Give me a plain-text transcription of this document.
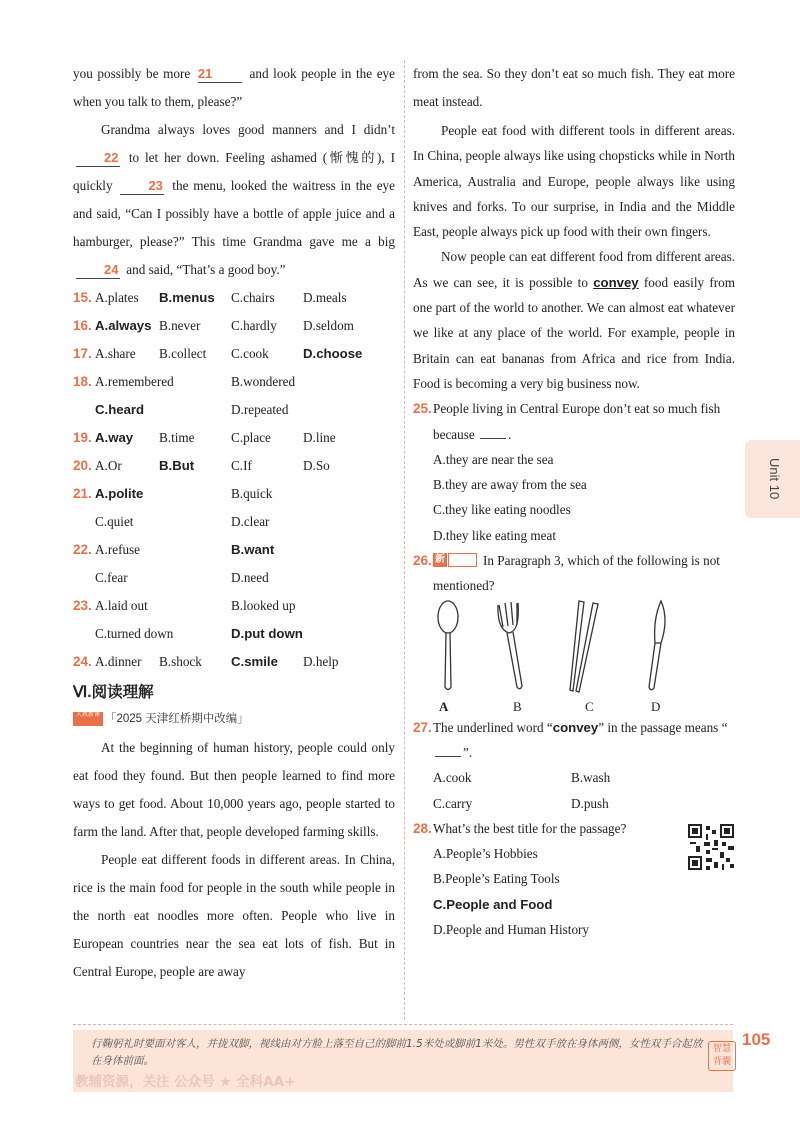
you possibly be more 21 and look people in the eye when you talk to them, please?”

Grandma always loves good manners and I didn’t 22 to let her down. Feeling ashamed (惭愧的), I quickly 23 the menu, looked the waitress in the eye and said, “Can I possibly have a bottle of apple juice and a hamburger, please?” This time Grandma gave me a big 24 and said, “That’s a good boy.”

15. A.plates B.menus C.chairs D.meals
16. A.always B.never C.hardly D.seldom
17. A.share B.collect C.cook	D.choose
18. A.remembered	B.wondered
C.heard	D.repeated
19. A.way B.time	C.place D.line
20. A.Or	B.But	C.If	D.So
21. A.polite	B.quick
C.quiet	D.clear
22. A.refuse	B.want
C.fear	D.need
23. A.laid out	B.looked up
C.turned down	D.put down
24. A.dinner B.shock C.smile D.help
Ⅵ.阅读理解
人教新课 「2025 天津红桥期中改编」

At the beginning of human history, people could only eat food they found. But then people learned to find more ways to get food. About 10,000 years ago, people started to farm the land. After that, people developed farming skills.

People eat different foods in different areas. In China, rice is the main food for people in the south while people in the north eat noodles more often. People who live in European countries near the sea eat lots of fish. But in Central Europe, people are away

from the sea. So they don’t eat so much fish. They eat more meat instead.

People eat food with different tools in different areas. In China, people always like using chopsticks while in North America, Australia and Europe, people always like using knives and forks. To our surprise, in India and the Middle East, people always pick up food with their own fingers.

Now people can eat different food from different areas. As we can see, it is possible to convey food easily from one part of the world to another. We can almost eat whatever we like at any place of the world. For example, people in Britain can eat bananas from Africa and rice from India. Food is becoming a very big business now.

25. People living in Central Europe don’t eat so much fish because	.
A.they are near the sea
B.they are away from the sea
C.they like eating noodles
D.they like eating meat
26. 新	In Paragraph 3, which of the following is not mentioned?
A	B	C	D
27. The underlined word “convey” in the passage means “”.
A.cook	B.wash
C.carry	D.push
28. What’s the best title for the passage?
A.People’s Hobbies
B.People’s Eating Tools
C.People and Food
D.People and Human History
Unit 10
行鞠躬礼时要面对客人，并拢双脚，视线由对方脸上落至自己的脚前1.5米处或脚前1米处。男性双手放在身体两侧，女性双手合起放在身体前面。
教辅资源，关注 公众号 ★ 全科AA+
智慧背囊
105
